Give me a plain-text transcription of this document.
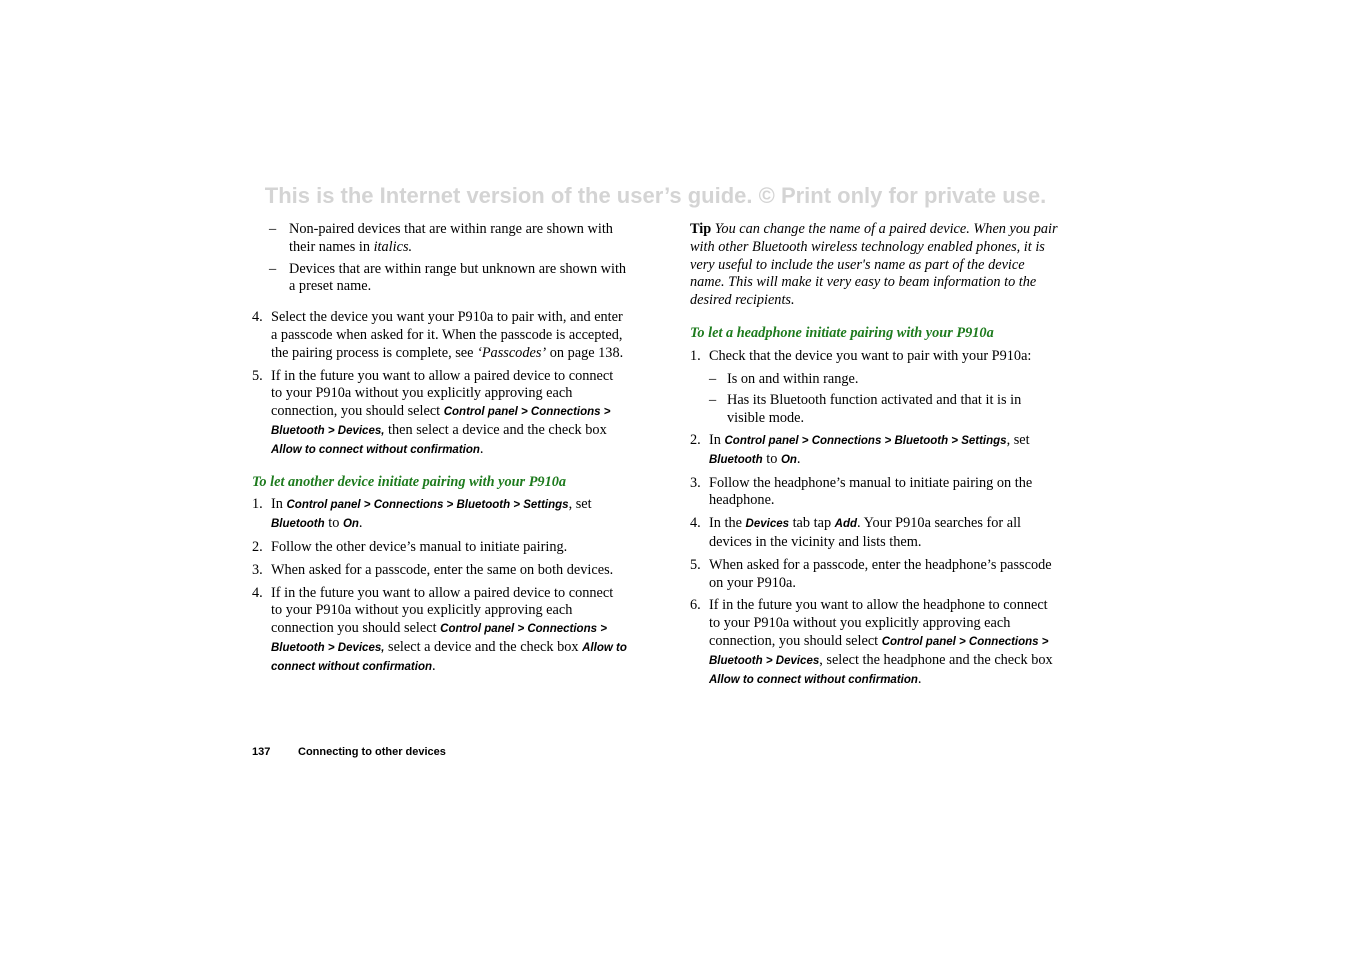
This is the Internet version of the user’s guide. © Print only for private use.
– Non-paired devices that are within range are shown with their names in italics.
– Devices that are within range but unknown are shown with a preset name.
4. Select the device you want your P910a to pair with, and enter a passcode when asked for it. When the passcode is accepted, the pairing process is complete, see ‘Passcodes’ on page 138.
5. If in the future you want to allow a paired device to connect to your P910a without you explicitly approving each connection, you should select Control panel > Connections > Bluetooth > Devices, then select a device and the check box Allow to connect without confirmation.
To let another device initiate pairing with your P910a
1. In Control panel > Connections > Bluetooth > Settings, set Bluetooth to On.
2. Follow the other device’s manual to initiate pairing.
3. When asked for a passcode, enter the same on both devices.
4. If in the future you want to allow a paired device to connect to your P910a without you explicitly approving each connection you should select Control panel > Connections > Bluetooth > Devices, select a device and the check box Allow to connect without confirmation.
Tip You can change the name of a paired device. When you pair with other Bluetooth wireless technology enabled phones, it is very useful to include the user's name as part of the device name. This will make it very easy to beam information to the desired recipients.
To let a headphone initiate pairing with your P910a
1. Check that the device you want to pair with your P910a:
– Is on and within range.
– Has its Bluetooth function activated and that it is in visible mode.
2. In Control panel > Connections > Bluetooth > Settings, set Bluetooth to On.
3. Follow the headphone’s manual to initiate pairing on the headphone.
4. In the Devices tab tap Add. Your P910a searches for all devices in the vicinity and lists them.
5. When asked for a passcode, enter the headphone’s passcode on your P910a.
6. If in the future you want to allow the headphone to connect to your P910a without you explicitly approving each connection, you should select Control panel > Connections > Bluetooth > Devices, select the headphone and the check box Allow to connect without confirmation.
137	Connecting to other devices
